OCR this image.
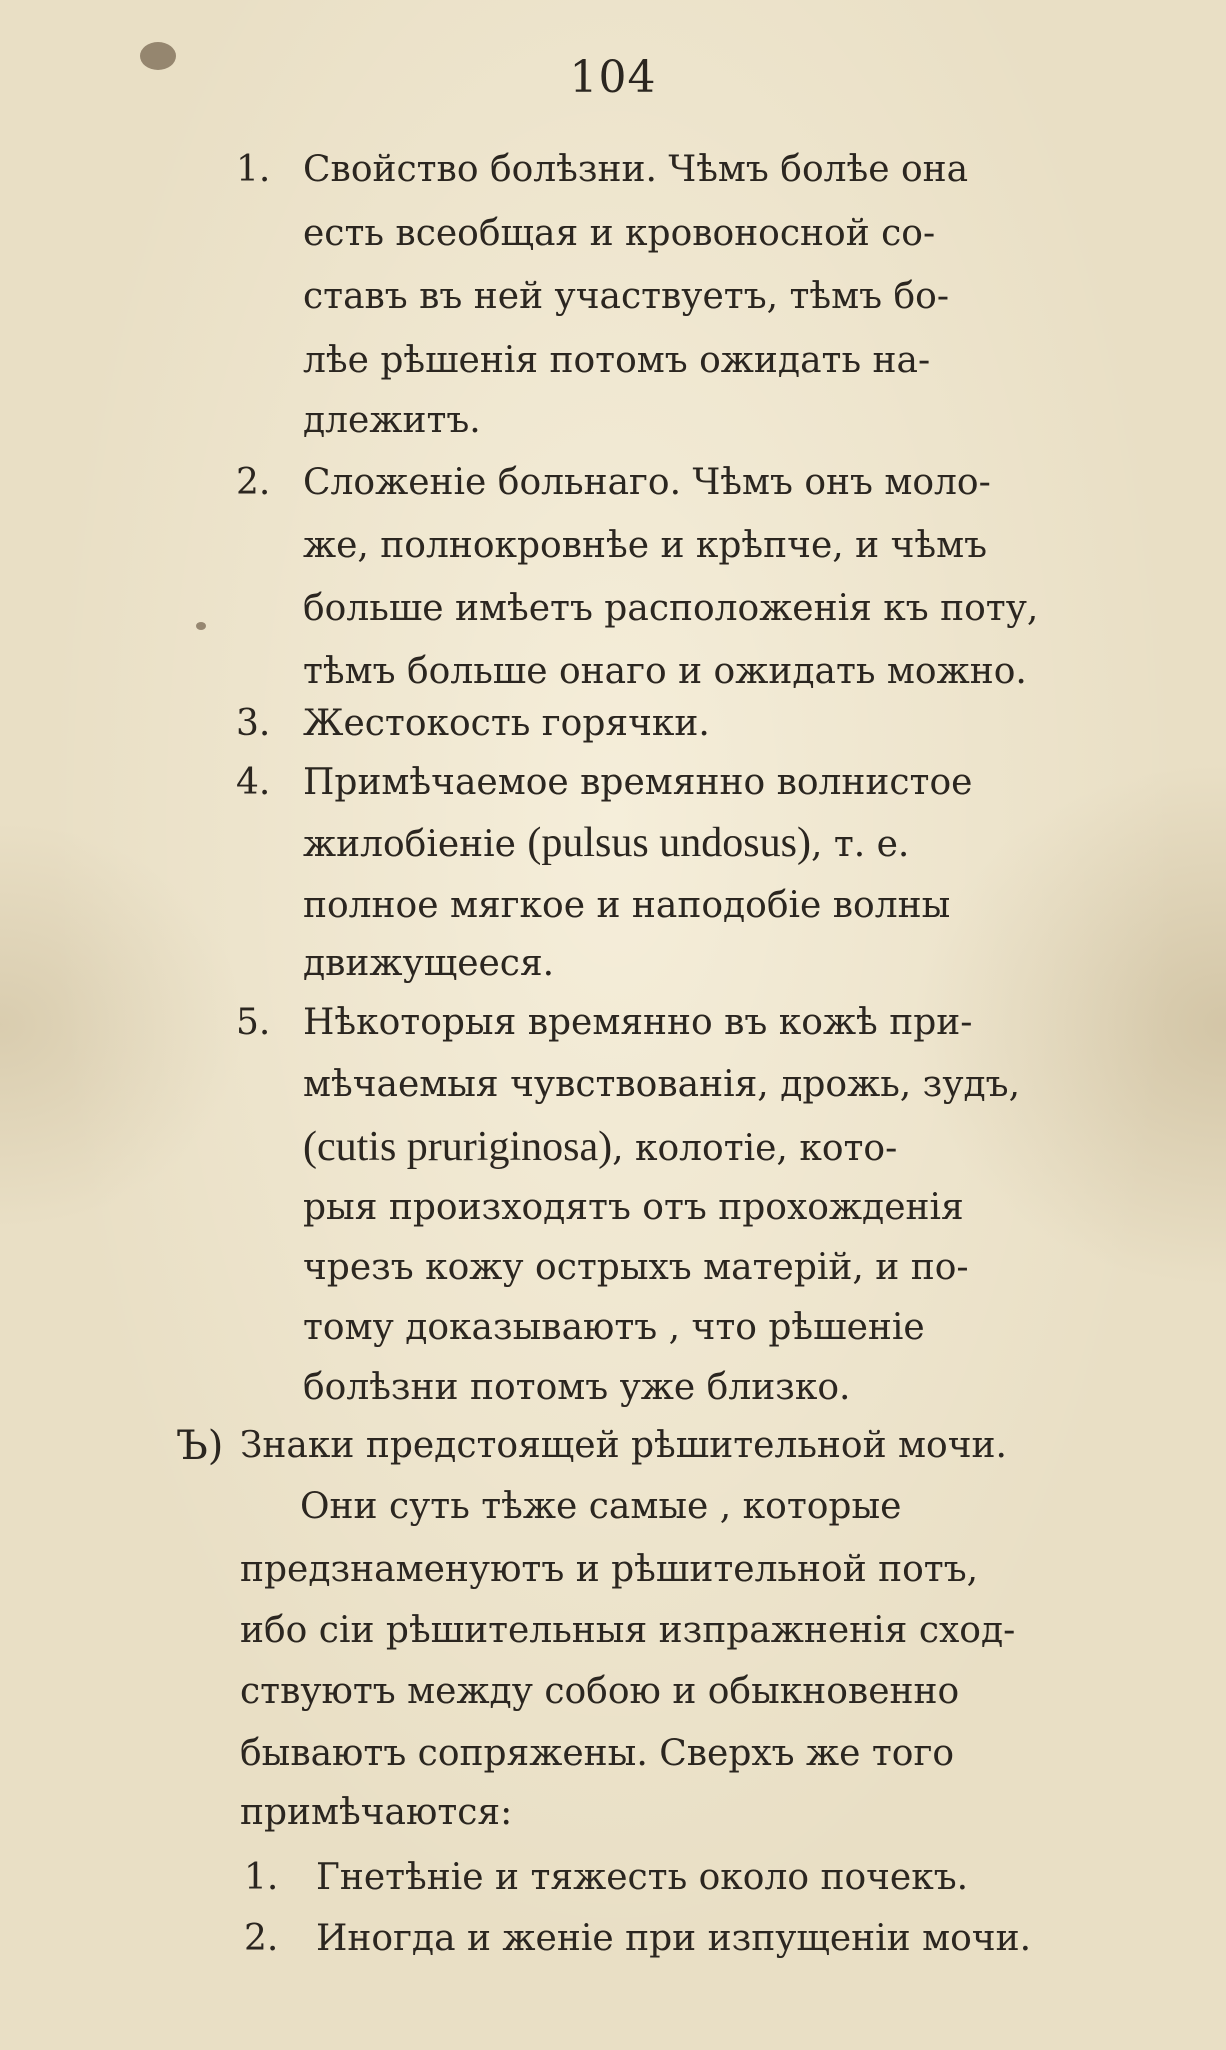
104
1. Свойство болѣзни. Чѣмъ болѣе она
есть всеобщая и кровоносной со-
ставъ въ ней участвуетъ, тѣмъ бо-
лѣе рѣшенія потомъ ожидать на-
длежитъ.
2. Сложеніе больнаго. Чѣмъ онъ моло-
же, полнокровнѣе и крѣпче, и чѣмъ
больше имѣетъ расположенія къ поту,
тѣмъ больше онаго и ожидать можно.
3. Жестокость горячки.
4. Примѣчаемое времянно волнистое
жилобіеніе (pulsus undosus), т. е.
полное мягкое и наподобіе волны
движущееся.
5. Нѣкоторыя времянно въ кожѣ при-
мѣчаемыя чувствованія, дрожь, зудъ,
(cutis pruriginosa), колотіе, кото-
рыя произходятъ отъ прохожденія
чрезъ кожу острыхъ матерій, и по-
тому доказываютъ , что рѣшеніе
болѣзни потомъ уже близко.
Ъ) Знаки предстоящей рѣшительной мочи.
Они суть тѣже самые , которые
предзнаменуютъ и рѣшительной потъ,
ибо сіи рѣшительныя изпражненія сход-
ствуютъ между собою и обыкновенно
бываютъ сопряжены. Сверхъ же того
примѣчаются:
1. Гнетѣніе и тяжесть около почекъ.
2. Иногда и женіе при изпущеніи мочи.
